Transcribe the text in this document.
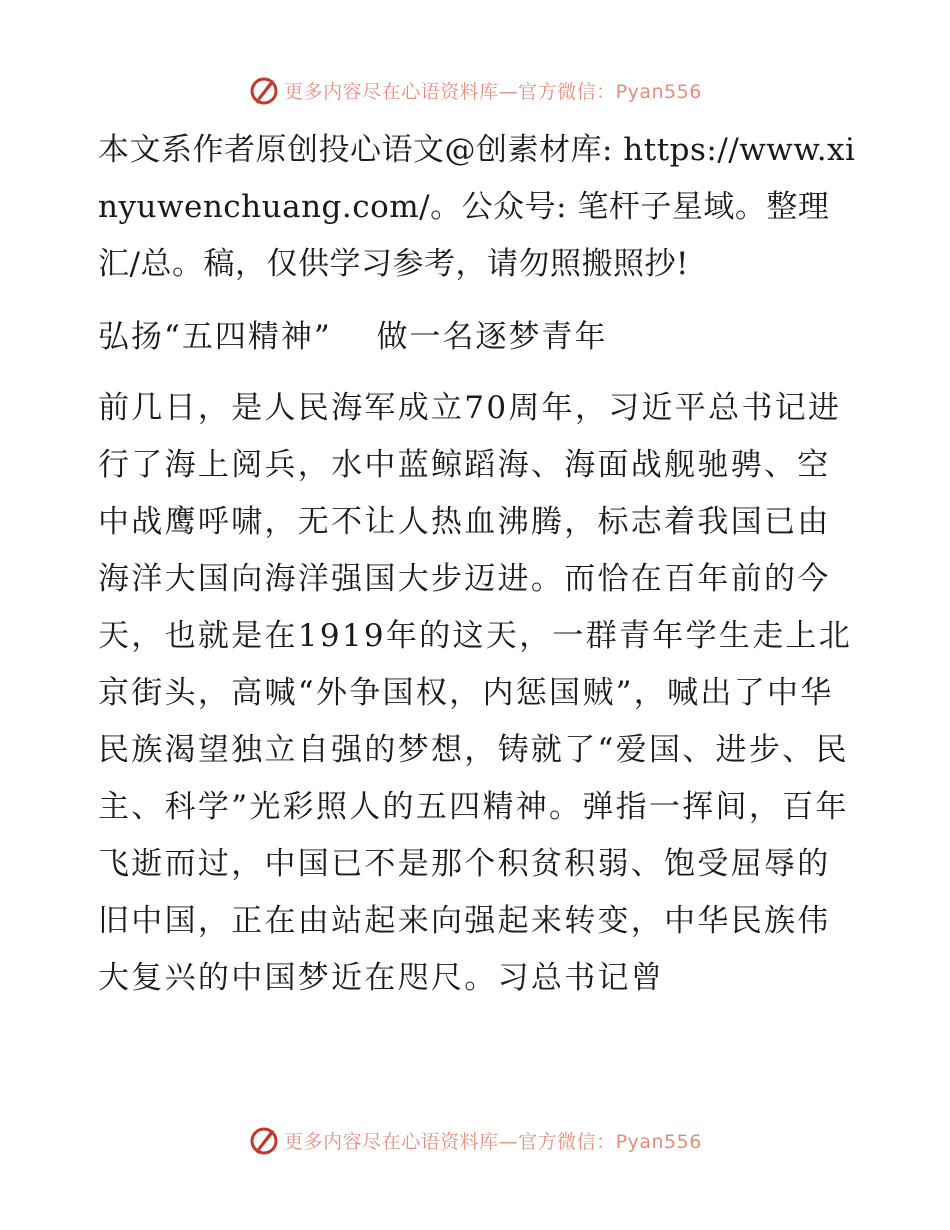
更多内容尽在心语资料库—官方微信：Pyan556

本文系作者原创投心语文@创素材库: https://www.xinyuwenchuang.com/。公众号: 笔杆子星域。整理汇/总。稿，仅供学习参考，请勿照搬照抄!

弘扬“五四精神”　 做一名逐梦青年

前几日，是人民海军成立70周年，习近平总书记进行了海上阅兵，水中蓝鲸蹈海、海面战舰驰骋、空中战鹰呼啸，无不让人热血沸腾，标志着我国已由海洋大国向海洋强国大步迈进。而恰在百年前的今天，也就是在1919年的这天，一群青年学生走上北京街头，高喊“外争国权，内惩国贼”，喊出了中华民族渴望独立自强的梦想，铸就了“爱国、进步、民主、科学”光彩照人的五四精神。弹指一挥间，百年飞逝而过，中国已不是那个积贫积弱、饱受屈辱的旧中国，正在由站起来向强起来转变，中华民族伟大复兴的中国梦近在咫尺。习总书记曾

更多内容尽在心语资料库—官方微信：Pyan556
